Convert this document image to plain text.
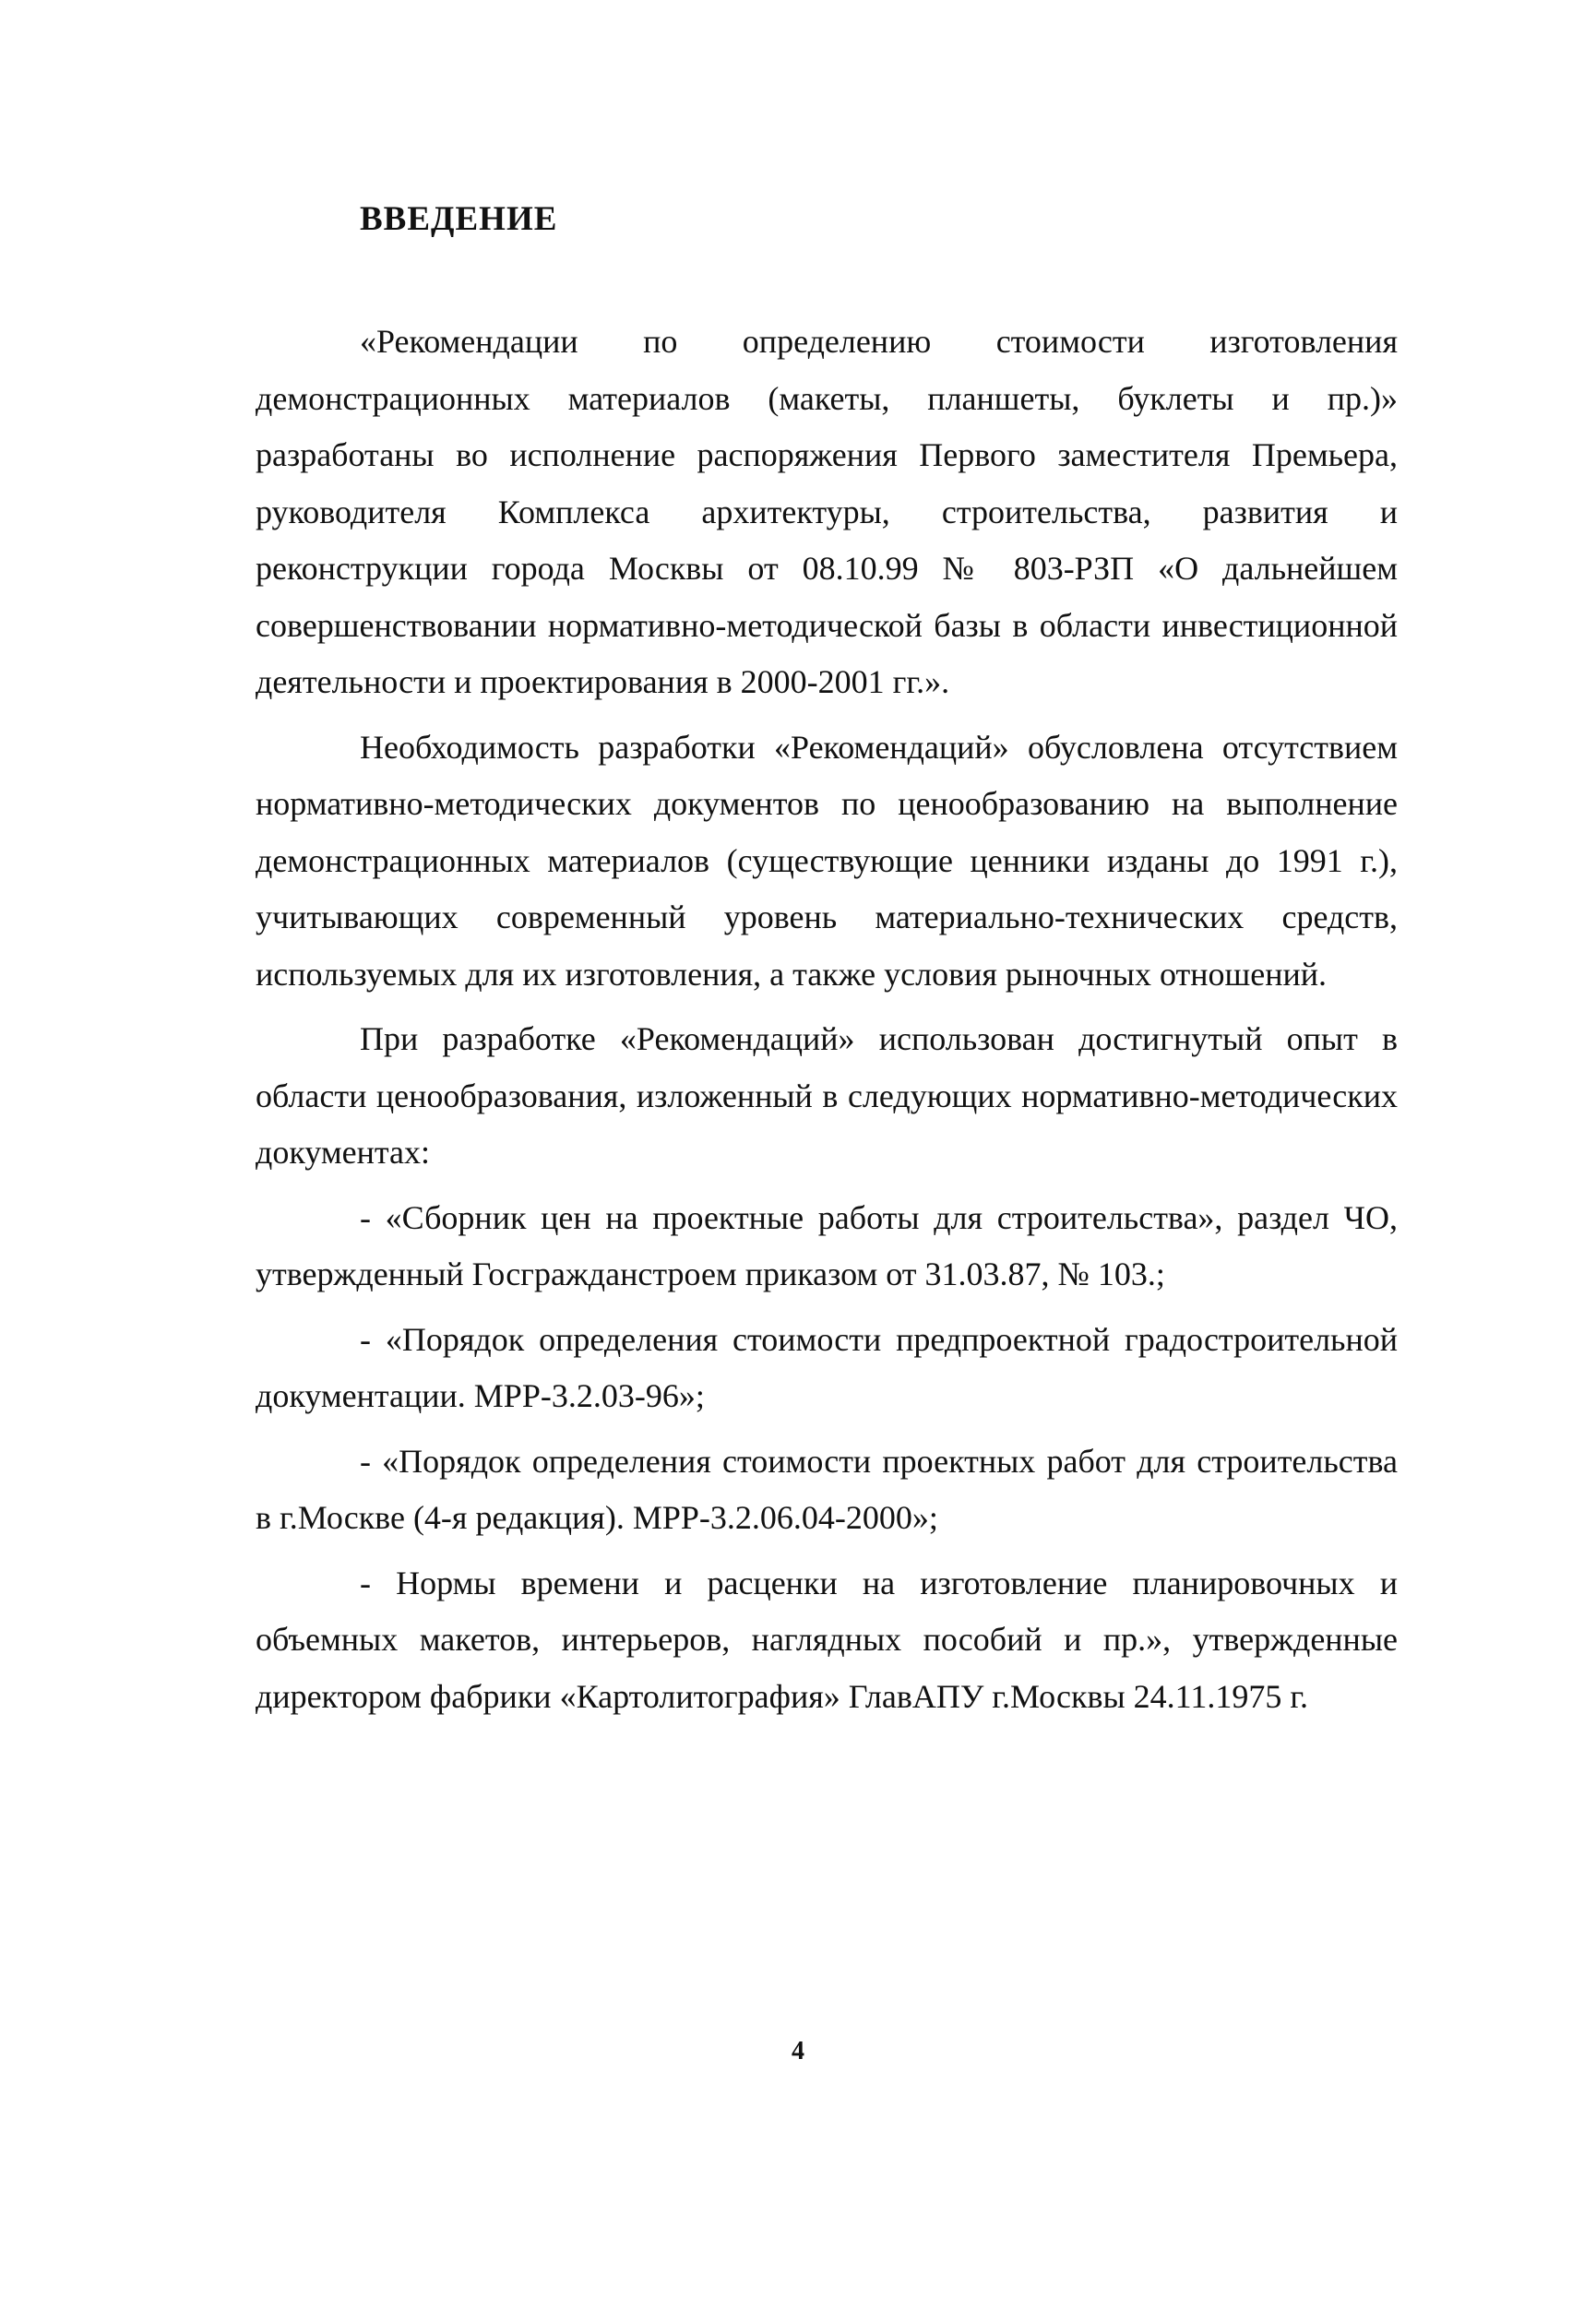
ВВЕДЕНИЕ

«Рекомендации по определению стоимости изготовления демонстрационных материалов (макеты, планшеты, буклеты и пр.)» разработаны во исполнение распоряжения Первого заместителя Премьера, руководителя Комплекса архитектуры, строительства, развития и реконструкции города Москвы от 08.10.99 № 803-РЗП «О дальнейшем совершенствовании нормативно-методической базы в области инвестиционной деятельности и проектирования в 2000-2001 гг.».

Необходимость разработки «Рекомендаций» обусловлена отсутствием нормативно-методических документов по ценообразованию на выполнение демонстрационных материалов (существующие ценники изданы до 1991 г.), учитывающих современный уровень материально-технических средств, используемых для их изготовления, а также условия рыночных отношений.

При разработке «Рекомендаций» использован достигнутый опыт в области ценообразования, изложенный в следующих нормативно-методических документах:

- «Сборник цен на проектные работы для строительства», раздел ЧО, утвержденный Госгражданстроем приказом от 31.03.87, № 103.;

- «Порядок определения стоимости предпроектной градостроительной документации. МРР-3.2.03-96»;

- «Порядок определения стоимости проектных работ для строительства в г.Москве (4-я редакция). МРР-3.2.06.04-2000»;

- Нормы времени и расценки на изготовление планировочных и объемных макетов, интерьеров, наглядных пособий и пр.», утвержденные директором фабрики «Картолитография» ГлавАПУ г.Москвы 24.11.1975 г.

4
